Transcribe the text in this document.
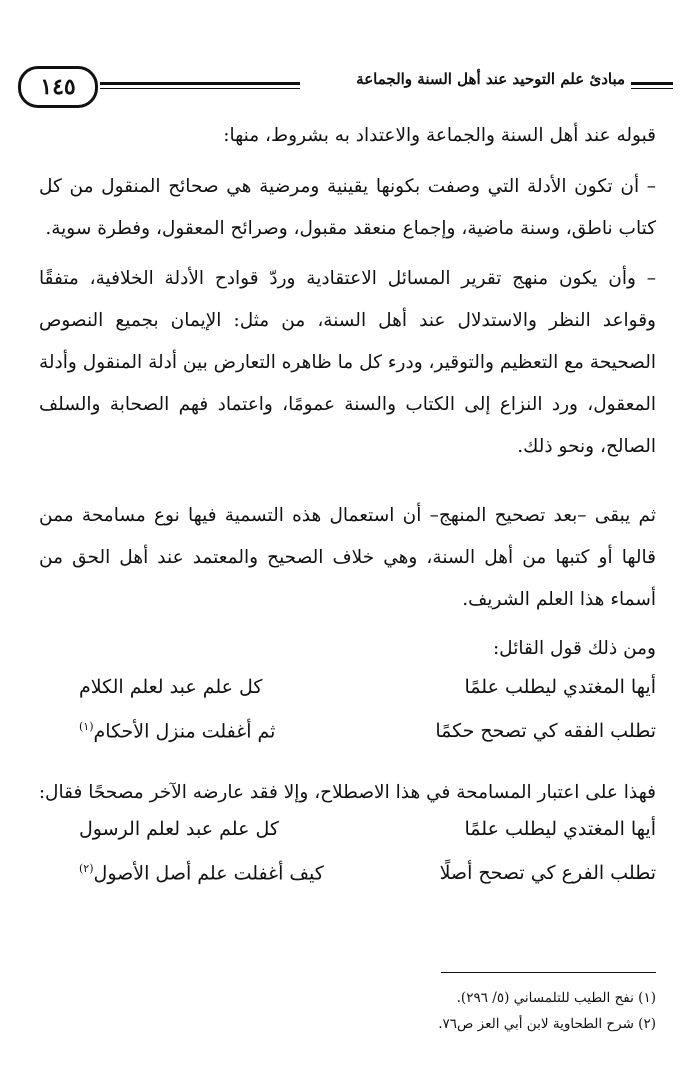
١٤٥	مبادئ علم التوحيد عند أهل السنة والجماعة

قبوله عند أهل السنة والجماعة والاعتداد به بشروط، منها:

– أن تكون الأدلة التي وصفت بكونها يقينية ومرضية هي صحائح المنقول من كل كتاب ناطق، وسنة ماضية، وإجماع منعقد مقبول، وصرائح المعقول، وفطرة سوية.

– وأن يكون منهج تقرير المسائل الاعتقادية وردّ قوادح الأدلة الخلافية، متفقًا وقواعد النظر والاستدلال عند أهل السنة، من مثل: الإيمان بجميع النصوص الصحيحة مع التعظيم والتوقير، ودرء كل ما ظاهره التعارض بين أدلة المنقول وأدلة المعقول، ورد النزاع إلى الكتاب والسنة عمومًا، واعتماد فهم الصحابة والسلف الصالح، ونحو ذلك.

ثم يبقى –بعد تصحيح المنهج– أن استعمال هذه التسمية فيها نوع مسامحة ممن قالها أو كتبها من أهل السنة، وهي خلاف الصحيح والمعتمد عند أهل الحق من أسماء هذا العلم الشريف.

ومن ذلك قول القائل:
أيها المغتدي ليطلب علمًا
كل علم عبد لعلم الكلام
تطلب الفقه كي تصحح حكمًا
ثم أغفلت منزل الأحكام$^{(١)}$
فهذا على اعتبار المسامحة في هذا الاصطلاح، وإلا فقد عارضه الآخر مصححًا فقال:
أيها المغتدي ليطلب علمًا
كل علم عبد لعلم الرسول
تطلب الفرع كي تصحح أصلًا
كيف أغفلت علم أصل الأصول$^{(٢)}$
(١) نفح الطيب للتلمساني (٥/ ٢٩٦).
(٢) شرح الطحاوية لابن أبي العز ص٧٦.
